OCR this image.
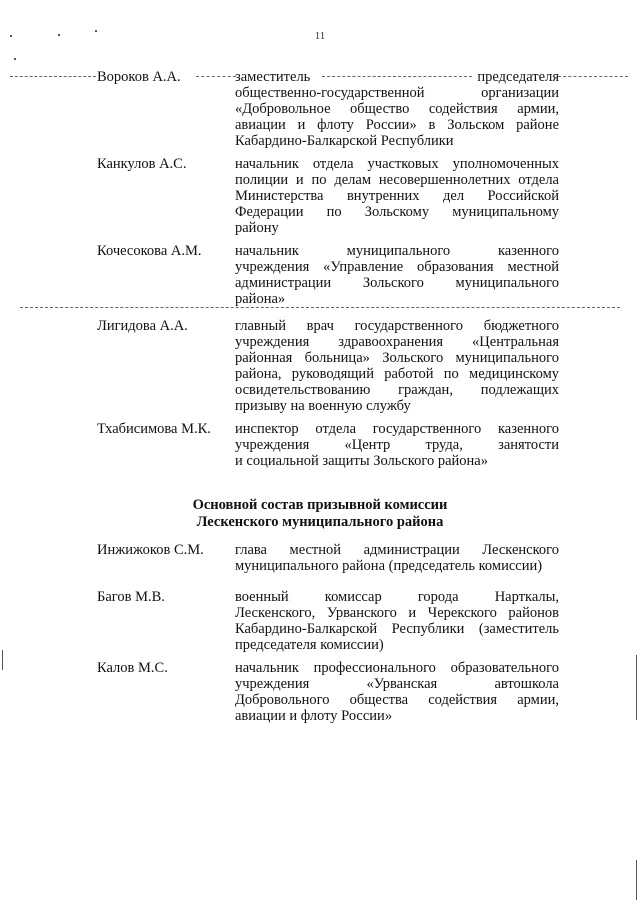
11
Вороков А.А.	заместитель председателя
общественно-государственной организации
«Добровольное общество содействия армии,
авиации и флоту России» в Зольском районе
Кабардино-Балкарской Республики
Канкулов А.С.	начальник отдела участковых уполномоченных
полиции и по делам несовершеннолетних отдела
Министерства внутренних дел Российской
Федерации по Зольскому муниципальному
району
Кочесокова А.М.	начальник муниципального казенного
учреждения «Управление образования местной
администрации Зольского муниципального
района»
Лигидова А.А.	главный врач государственного бюджетного
учреждения здравоохранения «Центральная
районная больница» Зольского муниципального
района, руководящий работой по медицинскому
освидетельствованию граждан, подлежащих
призыву на военную службу
Тхабисимова М.К.	инспектор отдела государственного казенного
учреждения «Центр труда, занятости
и социальной защиты Зольского района»
Основной состав призывной комиссии
Лескенского муниципального района
Инжижоков С.М.	глава местной администрации Лескенского
муниципального района (председатель комиссии)
Багов М.В.	военный комиссар города Нарткалы,
Лескенского, Урванского и Черекского районов
Кабардино-Балкарской Республики (заместитель
председателя комиссии)
Калов М.С.	начальник профессионального образовательного
учреждения «Урванская автошкола
Добровольного общества содействия армии,
авиации и флоту России»
